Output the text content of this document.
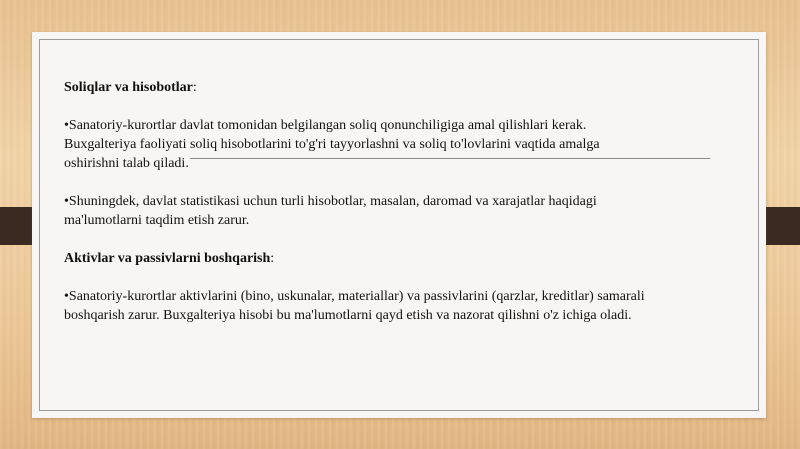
Soliqlar va hisobotlar:

•Sanatoriy-kurortlar davlat tomonidan belgilangan soliq qonunchiligiga amal qilishlari kerak. Buxgalteriya faoliyati soliq hisobotlarini to'g'ri tayyorlashni va soliq to'lovlarini vaqtida amalga oshirishni talab qiladi.

•Shuningdek, davlat statistikasi uchun turli hisobotlar, masalan, daromad va xarajatlar haqidagi ma'lumotlarni taqdim etish zarur.

Aktivlar va passivlarni boshqarish:

•Sanatoriy-kurortlar aktivlarini (bino, uskunalar, materiallar) va passivlarini (qarzlar, kreditlar) samarali boshqarish zarur. Buxgalteriya hisobi bu ma'lumotlarni qayd etish va nazorat qilishni o'z ichiga oladi.
